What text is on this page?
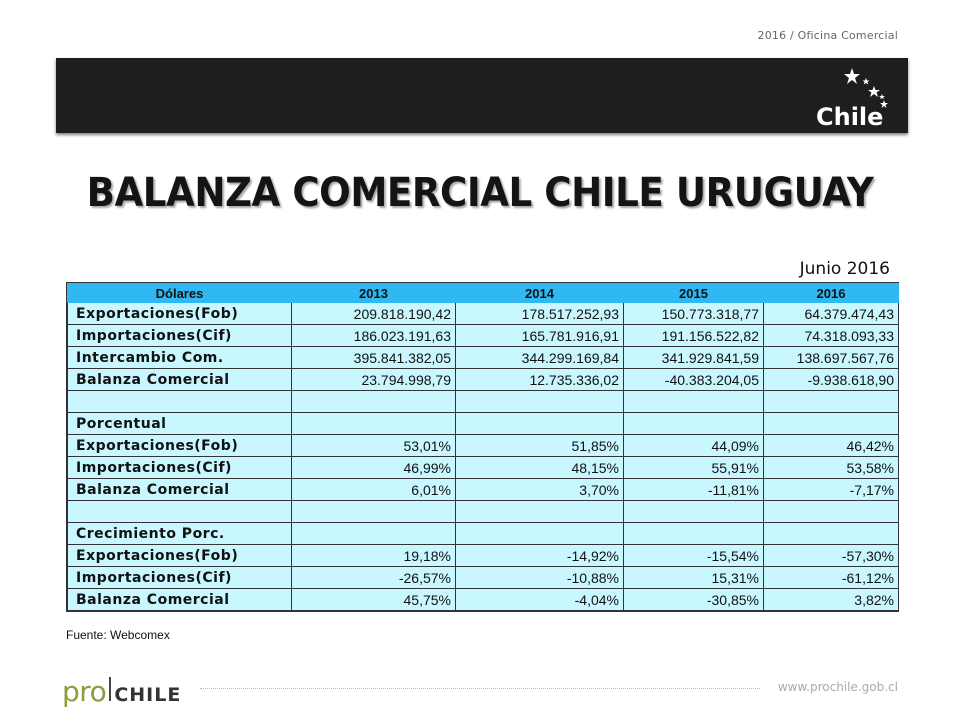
2016 / Oficina Comercial
Chile
BALANZA COMERCIAL CHILE URUGUAY
Junio 2016
Dólares	2013	2014	2015	2016
Exportaciones(Fob)	209.818.190,42	178.517.252,93	150.773.318,77	64.379.474,43
Importaciones(Cif)	186.023.191,63	165.781.916,91	191.156.522,82	74.318.093,33
Intercambio Com.	395.841.382,05	344.299.169,84	341.929.841,59	138.697.567,76
Balanza Comercial	23.794.998,79	12.735.336,02	-40.383.204,05	-9.938.618,90

Porcentual				
Exportaciones(Fob)	53,01%	51,85%	44,09%	46,42%
Importaciones(Cif)	46,99%	48,15%	55,91%	53,58%
Balanza Comercial	6,01%	3,70%	-11,81%	-7,17%

Crecimiento Porc.				
Exportaciones(Fob)	19,18%	-14,92%	-15,54%	-57,30%
Importaciones(Cif)	-26,57%	-10,88%	15,31%	-61,12%
Balanza Comercial	45,75%	-4,04%	-30,85%	3,82%
Fuente: Webcomex
pro CHILE	www.prochile.gob.cl
